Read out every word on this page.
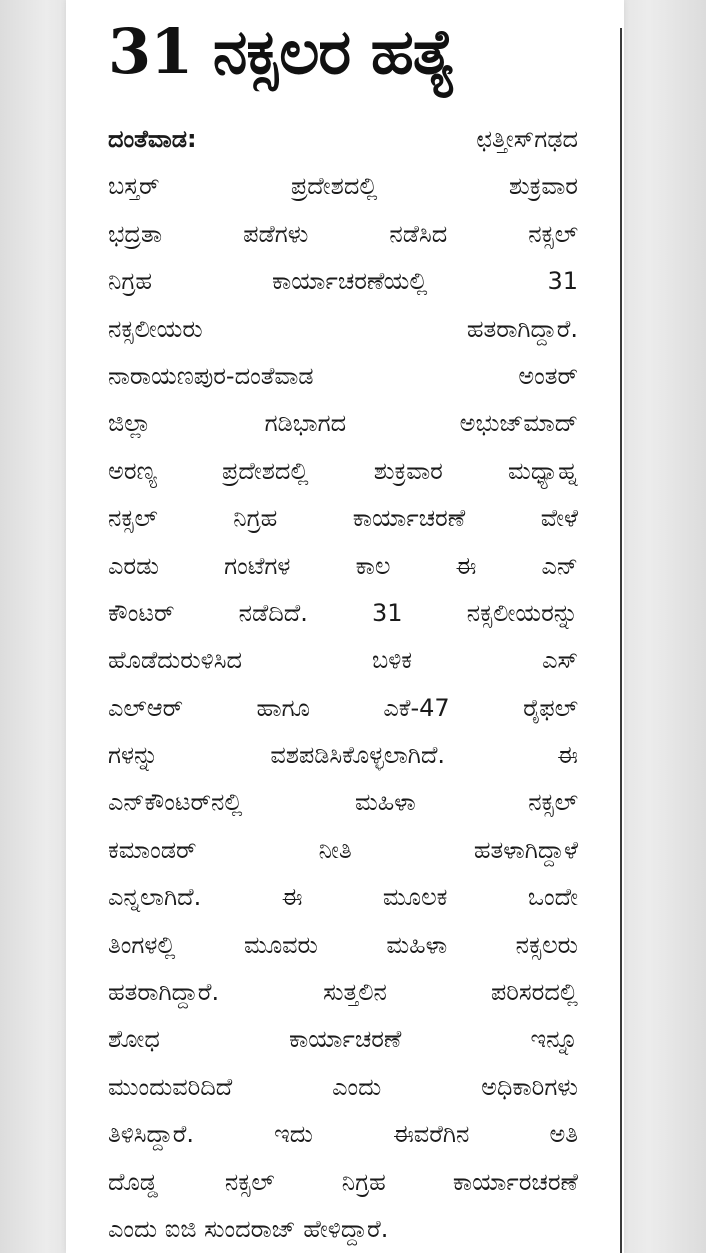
31 ನಕ್ಸಲರ ಹತ್ಯೆ
ದಂತೆವಾಡ:	ಛತ್ತೀಸ್‌ಗಢದ
ಬಸ್ತರ್ ಪ್ರದೇಶದಲ್ಲಿ ಶುಕ್ರವಾರ
ಭದ್ರತಾ ಪಡೆಗಳು ನಡೆಸಿದ ನಕ್ಸಲ್
ನಿಗ್ರಹ ಕಾರ್ಯಾಚರಣೆಯಲ್ಲಿ 31
ನಕ್ಸಲೀಯರು ಹತರಾಗಿದ್ದಾರೆ.
ನಾರಾಯಣಪುರ-ದಂತೆವಾಡ ಅಂತರ್
ಜಿಲ್ಲಾ ಗಡಿಭಾಗದ ಅಭುಜ್‌ಮಾದ್
ಅರಣ್ಯ ಪ್ರದೇಶದಲ್ಲಿ ಶುಕ್ರವಾರ ಮಧ್ಯಾಹ್ನ
ನಕ್ಸಲ್ ನಿಗ್ರಹ ಕಾರ್ಯಾಚರಣೆ ವೇಳೆ
ಎರಡು ಗಂಟೆಗಳ ಕಾಲ ಈ ಎನ್
ಕೌಂಟರ್ ನಡೆದಿದೆ. 31 ನಕ್ಸಲೀಯರನ್ನು
ಹೊಡೆದುರುಳಿಸಿದ ಬಳಿಕ ಎಸ್
ಎಲ್‌ಆರ್ ಹಾಗೂ ಎಕೆ-47 ರೈಫಲ್
ಗಳನ್ನು ವಶಪಡಿಸಿಕೊಳ್ಳಲಾಗಿದೆ. ಈ
ಎನ್‌ಕೌಂಟರ್‌ನಲ್ಲಿ ಮಹಿಳಾ ನಕ್ಸಲ್
ಕಮಾಂಡರ್ ನೀತಿ ಹತಳಾಗಿದ್ದಾಳೆ
ಎನ್ನಲಾಗಿದೆ. ಈ ಮೂಲಕ ಒಂದೇ
ತಿಂಗಳಲ್ಲಿ ಮೂವರು ಮಹಿಳಾ ನಕ್ಸಲರು
ಹತರಾಗಿದ್ದಾರೆ. ಸುತ್ತಲಿನ ಪರಿಸರದಲ್ಲಿ
ಶೋಧ ಕಾರ್ಯಾಚರಣೆ ಇನ್ನೂ
ಮುಂದುವರಿದಿದೆ ಎಂದು ಅಧಿಕಾರಿಗಳು
ತಿಳಿಸಿದ್ದಾರೆ. ಇದು ಈವರೆಗಿನ ಅತಿ
ದೊಡ್ಡ ನಕ್ಸಲ್ ನಿಗ್ರಹ ಕಾರ್ಯಾರಚರಣೆ
ಎಂದು ಐಜಿ ಸುಂದರಾಜ್ ಹೇಳಿದ್ದಾರೆ.
